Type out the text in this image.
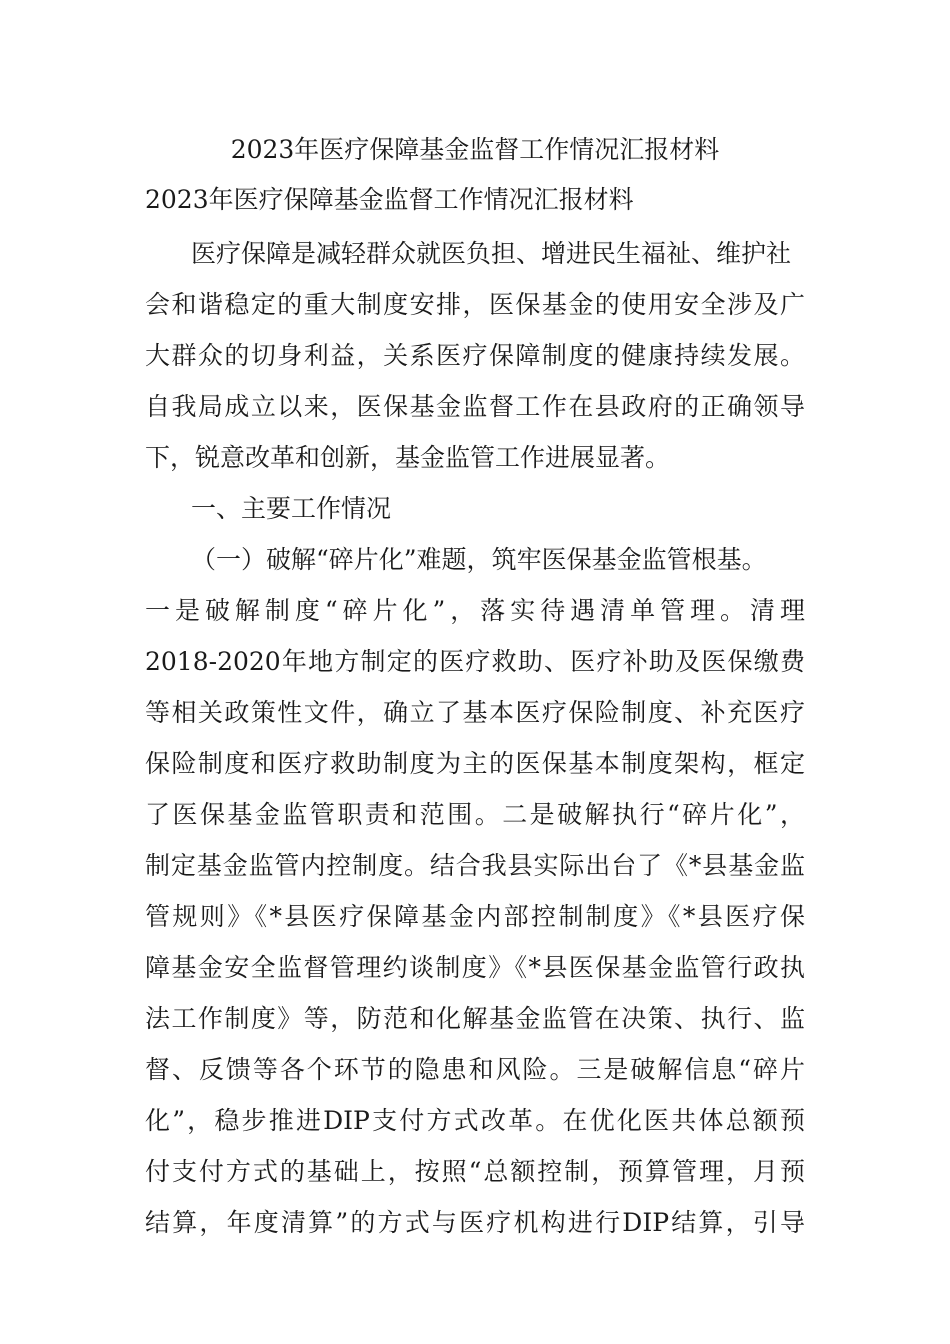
2023年医疗保障基金监督工作情况汇报材料
2023年医疗保障基金监督工作情况汇报材料
医疗保障是减轻群众就医负担、增进民生福祉、维护社
会和谐稳定的重大制度安排，医保基金的使用安全涉及广
大群众的切身利益，关系医疗保障制度的健康持续发展。
自我局成立以来，医保基金监督工作在县政府的正确领导
下，锐意改革和创新，基金监管工作进展显著。
一、主要工作情况
（一）破解“碎片化”难题，筑牢医保基金监管根基。
一是破解制度“碎片化”，落实待遇清单管理。清理
2018-2020年地方制定的医疗救助、医疗补助及医保缴费
等相关政策性文件，确立了基本医疗保险制度、补充医疗
保险制度和医疗救助制度为主的医保基本制度架构，框定
了医保基金监管职责和范围。二是破解执行“碎片化”，
制定基金监管内控制度。结合我县实际出台了《*县基金监
管规则》《*县医疗保障基金内部控制制度》《*县医疗保
障基金安全监督管理约谈制度》《*县医保基金监管行政执
法工作制度》等，防范和化解基金监管在决策、执行、监
督、反馈等各个环节的隐患和风险。三是破解信息“碎片
化”，稳步推进DIP支付方式改革。在优化医共体总额预
付支付方式的基础上，按照“总额控制，预算管理，月预
结算，年度清算”的方式与医疗机构进行DIP结算，引导
